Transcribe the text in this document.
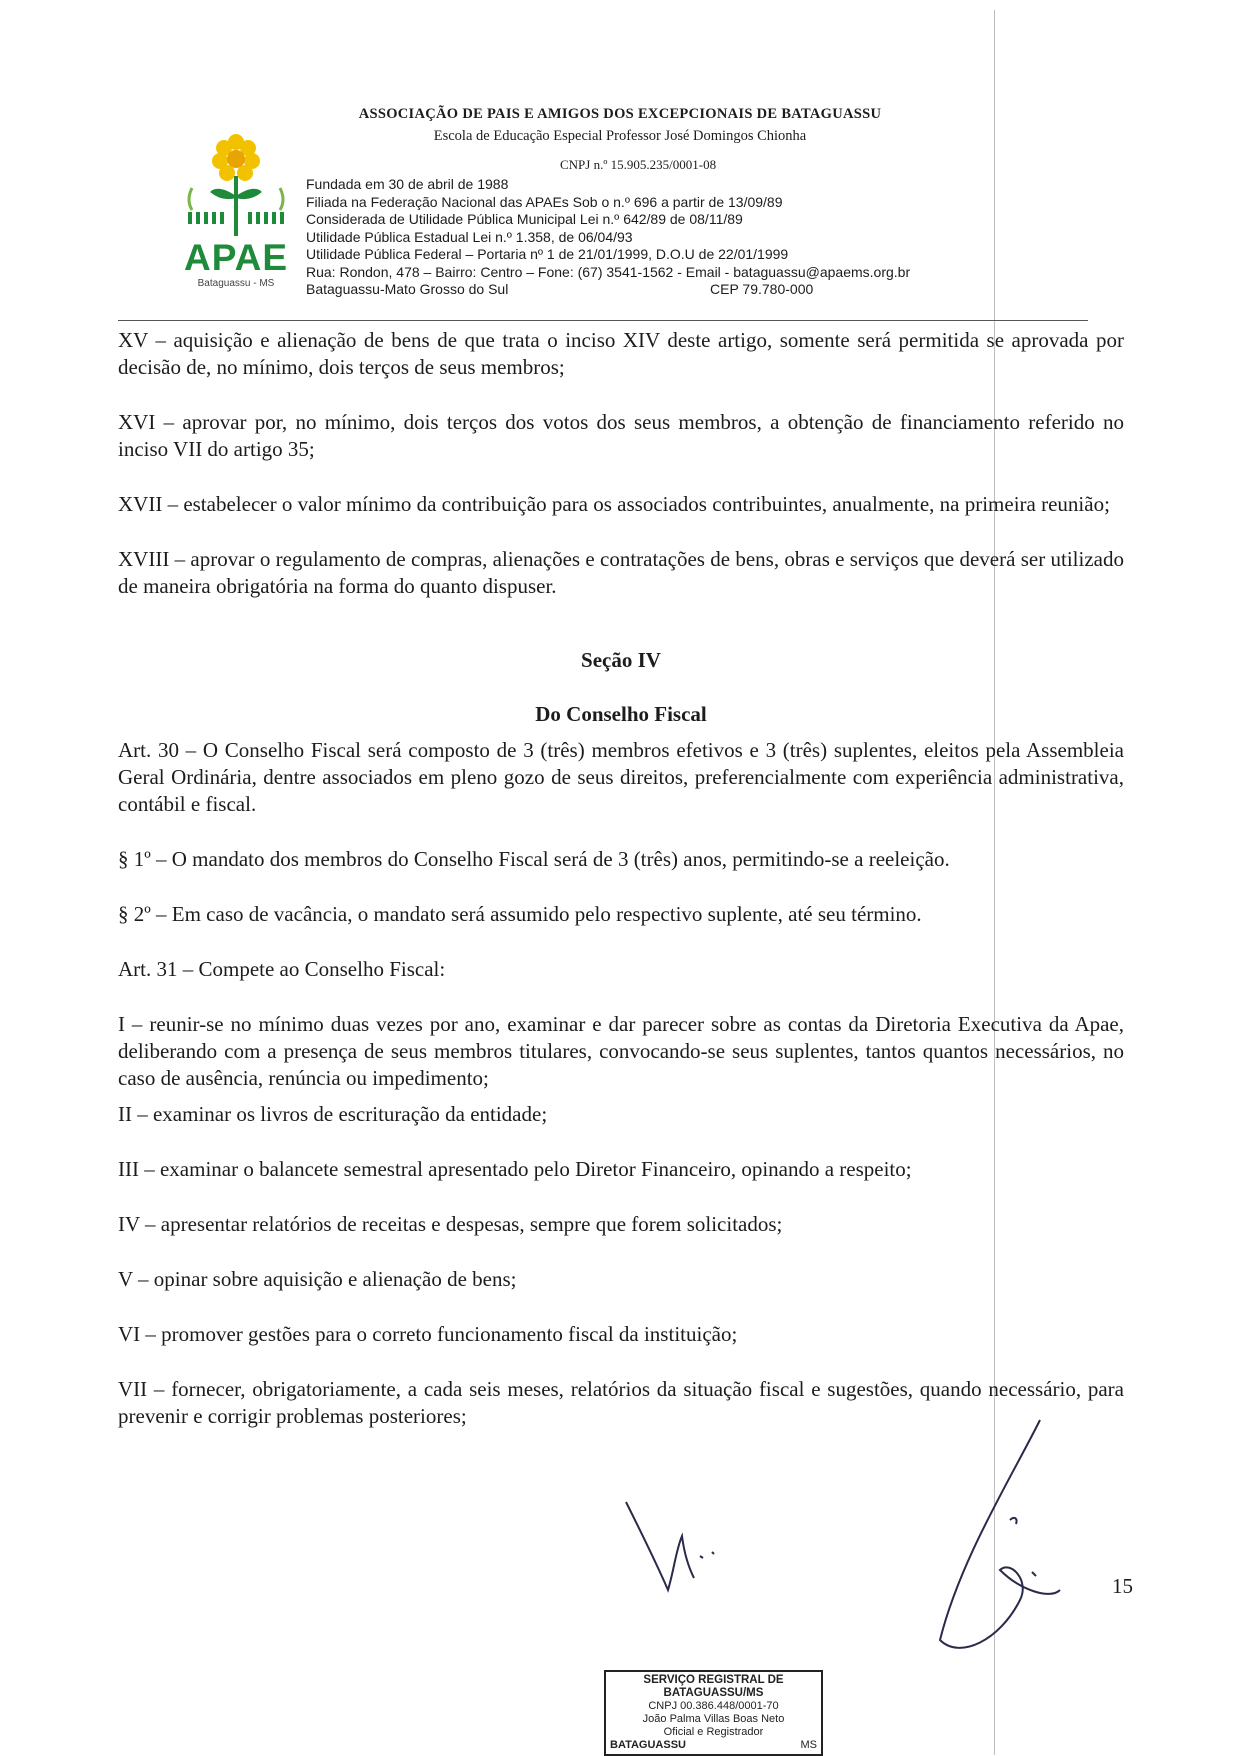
APAE
Bataguassu - MS
ASSOCIAÇÃO DE PAIS E AMIGOS DOS EXCEPCIONAIS DE BATAGUASSU
Escola de Educação Especial Professor José Domingos Chionha
CNPJ n.º 15.905.235/0001-08
Fundada em 30 de abril de 1988
Filiada na Federação Nacional das APAEs Sob o n.º 696 a partir de 13/09/89
Considerada de Utilidade Pública Municipal Lei n.º 642/89 de 08/11/89
Utilidade Pública Estadual Lei n.º 1.358, de 06/04/93
Utilidade Pública Federal – Portaria nº 1 de 21/01/1999, D.O.U de 22/01/1999
Rua: Rondon, 478 – Bairro: Centro – Fone: (67) 3541-1562 - Email - bataguassu@apaems.org.br
Bataguassu-Mato Grosso do Sul	CEP 79.780-000

XV – aquisição e alienação de bens de que trata o inciso XIV deste artigo, somente será permitida se aprovada por decisão de, no mínimo, dois terços de seus membros;

XVI – aprovar por, no mínimo, dois terços dos votos dos seus membros, a obtenção de financiamento referido no inciso VII do artigo 35;

XVII – estabelecer o valor mínimo da contribuição para os associados contribuintes, anualmente, na primeira reunião;

XVIII – aprovar o regulamento de compras, alienações e contratações de bens, obras e serviços que deverá ser utilizado de maneira obrigatória na forma do quanto dispuser.

Seção IV

Do Conselho Fiscal

Art. 30 – O Conselho Fiscal será composto de 3 (três) membros efetivos e 3 (três) suplentes, eleitos pela Assembleia Geral Ordinária, dentre associados em pleno gozo de seus direitos, preferencialmente com experiência administrativa, contábil e fiscal.

§ 1º – O mandato dos membros do Conselho Fiscal será de 3 (três) anos, permitindo-se a reeleição.

§ 2º – Em caso de vacância, o mandato será assumido pelo respectivo suplente, até seu término.

Art. 31 – Compete ao Conselho Fiscal:

I – reunir-se no mínimo duas vezes por ano, examinar e dar parecer sobre as contas da Diretoria Executiva da Apae, deliberando com a presença de seus membros titulares, convocando-se seus suplentes, tantos quantos necessários, no caso de ausência, renúncia ou impedimento;

II – examinar os livros de escrituração da entidade;

III – examinar o balancete semestral apresentado pelo Diretor Financeiro, opinando a respeito;

IV – apresentar relatórios de receitas e despesas, sempre que forem solicitados;

V – opinar sobre aquisição e alienação de bens;

VI – promover gestões para o correto funcionamento fiscal da instituição;

VII – fornecer, obrigatoriamente, a cada seis meses, relatórios da situação fiscal e sugestões, quando necessário, para prevenir e corrigir problemas posteriores;

15
SERVIÇO REGISTRAL DE BATAGUASSU/MS
CNPJ 00.386.448/0001-70
João Palma Villas Boas Neto
Oficial e Registrador
MS
BATAGUASSU
